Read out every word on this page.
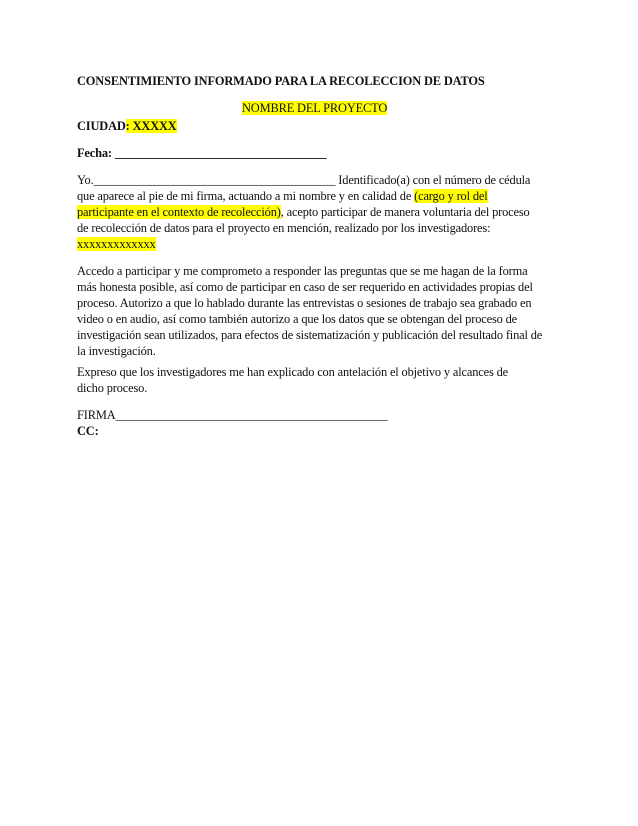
CONSENTIMIENTO INFORMADO PARA LA RECOLECCION DE DATOS
NOMBRE DEL PROYECTO
CIUDAD: XXXXX
Fecha: ___________________________________
Yo.________________________________________ Identificado(a) con el número de cédula
que aparece al pie de mi firma, actuando a mi nombre y en calidad de (cargo y rol del
participante en el contexto de recolección), acepto participar de manera voluntaria del proceso
de recolección de datos para el proyecto en mención, realizado por los investigadores:
xxxxxxxxxxxxx
Accedo a participar y me comprometo a responder las preguntas que se me hagan de la forma
más honesta posible, así como de participar en caso de ser requerido en actividades propias del
proceso. Autorizo a que lo hablado durante las entrevistas o sesiones de trabajo sea grabado en
video o en audio, así como también autorizo a que los datos que se obtengan del proceso de
investigación sean utilizados, para efectos de sistematización y publicación del resultado final de
la investigación.
Expreso que los investigadores me han explicado con antelación el objetivo y alcances de
dicho proceso.
FIRMA_____________________________________________
CC:
